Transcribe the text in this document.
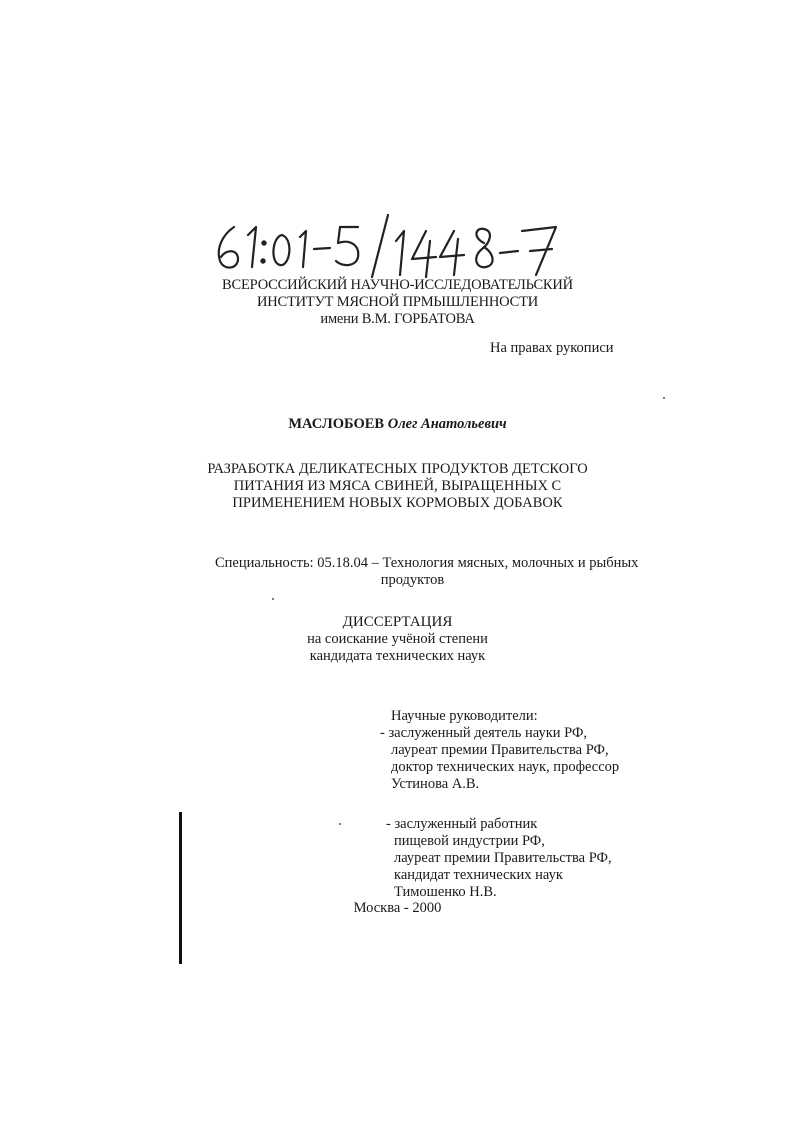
ВСЕРОССИЙСКИЙ НАУЧНО-ИССЛЕДОВАТЕЛЬСКИЙ
ИНСТИТУТ МЯСНОЙ ПРМЫШЛЕННОСТИ
имени В.М. ГОРБАТОВА
На правах рукописи
МАСЛОБОЕВ Олег Анатольевич
РАЗРАБОТКА ДЕЛИКАТЕСНЫХ ПРОДУКТОВ ДЕТСКОГО
ПИТАНИЯ ИЗ МЯСА СВИНЕЙ, ВЫРАЩЕННЫХ С
ПРИМЕНЕНИЕМ НОВЫХ КОРМОВЫХ ДОБАВОК
Специальность: 05.18.04 – Технология мясных, молочных и рыбных
продуктов
ДИССЕРТАЦИЯ
на соискание учёной степени
кандидата технических наук
Научные руководители:
- заслуженный деятель науки РФ,
лауреат премии Правительства РФ,
доктор технических наук, профессор
Устинова А.В.
- заслуженный работник
пищевой индустрии РФ,
лауреат премии Правительства РФ,
кандидат технических наук
Тимошенко Н.В.
Москва - 2000
